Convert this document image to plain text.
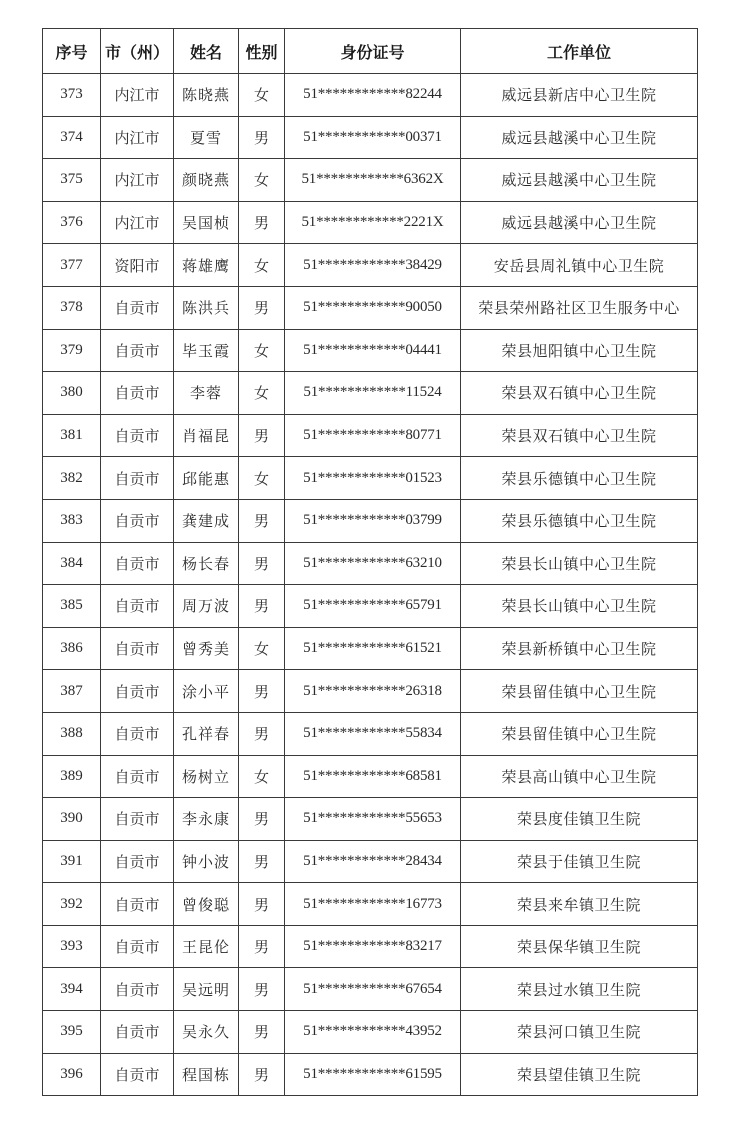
序号	市（州）	姓名	性别	身份证号	工作单位
373	内江市	陈晓燕	女	51************82244	威远县新店中心卫生院
374	内江市	夏雪	男	51************00371	威远县越溪中心卫生院
375	内江市	颜晓燕	女	51************6362X	威远县越溪中心卫生院
376	内江市	吴国桢	男	51************2221X	威远县越溪中心卫生院
377	资阳市	蒋雄鹰	女	51************38429	安岳县周礼镇中心卫生院
378	自贡市	陈洪兵	男	51************90050	荣县荣州路社区卫生服务中心
379	自贡市	毕玉霞	女	51************04441	荣县旭阳镇中心卫生院
380	自贡市	李蓉	女	51************11524	荣县双石镇中心卫生院
381	自贡市	肖福昆	男	51************80771	荣县双石镇中心卫生院
382	自贡市	邱能惠	女	51************01523	荣县乐德镇中心卫生院
383	自贡市	龚建成	男	51************03799	荣县乐德镇中心卫生院
384	自贡市	杨长春	男	51************63210	荣县长山镇中心卫生院
385	自贡市	周万波	男	51************65791	荣县长山镇中心卫生院
386	自贡市	曾秀美	女	51************61521	荣县新桥镇中心卫生院
387	自贡市	涂小平	男	51************26318	荣县留佳镇中心卫生院
388	自贡市	孔祥春	男	51************55834	荣县留佳镇中心卫生院
389	自贡市	杨树立	女	51************68581	荣县高山镇中心卫生院
390	自贡市	李永康	男	51************55653	荣县度佳镇卫生院
391	自贡市	钟小波	男	51************28434	荣县于佳镇卫生院
392	自贡市	曾俊聪	男	51************16773	荣县来牟镇卫生院
393	自贡市	王昆伦	男	51************83217	荣县保华镇卫生院
394	自贡市	吴远明	男	51************67654	荣县过水镇卫生院
395	自贡市	吴永久	男	51************43952	荣县河口镇卫生院
396	自贡市	程国栋	男	51************61595	荣县望佳镇卫生院
